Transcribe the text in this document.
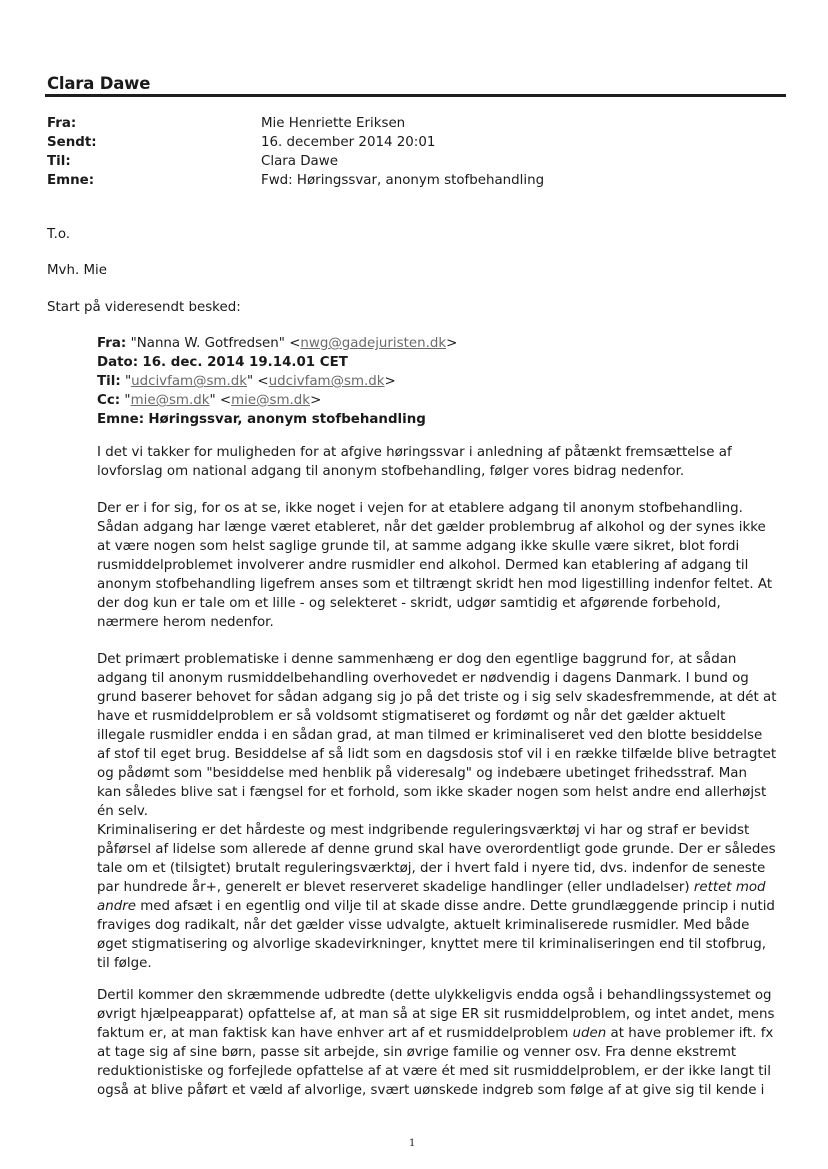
Clara Dawe
Fra:	Mie Henriette Eriksen
Sendt:	16. december 2014 20:01
Til:	Clara Dawe
Emne:	Fwd: Høringssvar, anonym stofbehandling
T.o.
Mvh. Mie
Start på videresendt besked:
Fra: "Nanna W. Gotfredsen" <nwg@gadejuristen.dk>
Dato: 16. dec. 2014 19.14.01 CET
Til: "udcivfam@sm.dk" <udcivfam@sm.dk>
Cc: "mie@sm.dk" <mie@sm.dk>
Emne: Høringssvar, anonym stofbehandling
I det vi takker for muligheden for at afgive høringssvar i anledning af påtænkt fremsættelse af
lovforslag om national adgang til anonym stofbehandling, følger vores bidrag nedenfor.
Der er i for sig, for os at se, ikke noget i vejen for at etablere adgang til anonym stofbehandling.
Sådan adgang har længe været etableret, når det gælder problembrug af alkohol og der synes ikke
at være nogen som helst saglige grunde til, at samme adgang ikke skulle være sikret, blot fordi
rusmiddelproblemet involverer andre rusmidler end alkohol. Dermed kan etablering af adgang til
anonym stofbehandling ligefrem anses som et tiltrængt skridt hen mod ligestilling indenfor feltet. At
der dog kun er tale om et lille - og selekteret - skridt, udgør samtidig et afgørende forbehold,
nærmere herom nedenfor.
Det primært problematiske i denne sammenhæng er dog den egentlige baggrund for, at sådan
adgang til anonym rusmiddelbehandling overhovedet er nødvendig i dagens Danmark. I bund og
grund baserer behovet for sådan adgang sig jo på det triste og i sig selv skadesfremmende, at dét at
have et rusmiddelproblem er så voldsomt stigmatiseret og fordømt og når det gælder aktuelt
illegale rusmidler endda i en sådan grad, at man tilmed er kriminaliseret ved den blotte besiddelse
af stof til eget brug. Besiddelse af så lidt som en dagsdosis stof vil i en række tilfælde blive betragtet
og pådømt som "besiddelse med henblik på videresalg" og indebære ubetinget frihedsstraf. Man
kan således blive sat i fængsel for et forhold, som ikke skader nogen som helst andre end allerhøjst
én selv.
Kriminalisering er det hårdeste og mest indgribende reguleringsværktøj vi har og straf er bevidst
påførsel af lidelse som allerede af denne grund skal have overordentligt gode grunde. Der er således
tale om et (tilsigtet) brutalt reguleringsværktøj, der i hvert fald i nyere tid, dvs. indenfor de seneste
par hundrede år+, generelt er blevet reserveret skadelige handlinger (eller undladelser) rettet mod
andre med afsæt i en egentlig ond vilje til at skade disse andre. Dette grundlæggende princip i nutid
fraviges dog radikalt, når det gælder visse udvalgte, aktuelt kriminaliserede rusmidler. Med både
øget stigmatisering og alvorlige skadevirkninger, knyttet mere til kriminaliseringen end til stofbrug,
til følge.
Dertil kommer den skræmmende udbredte (dette ulykkeligvis endda også i behandlingssystemet og
øvrigt hjælpeapparat) opfattelse af, at man så at sige ER sit rusmiddelproblem, og intet andet, mens
faktum er, at man faktisk kan have enhver art af et rusmiddelproblem uden at have problemer ift. fx
at tage sig af sine børn, passe sit arbejde, sin øvrige familie og venner osv. Fra denne ekstremt
reduktionistiske og forfejlede opfattelse af at være ét med sit rusmiddelproblem, er der ikke langt til
også at blive påført et væld af alvorlige, svært uønskede indgreb som følge af at give sig til kende i
1
